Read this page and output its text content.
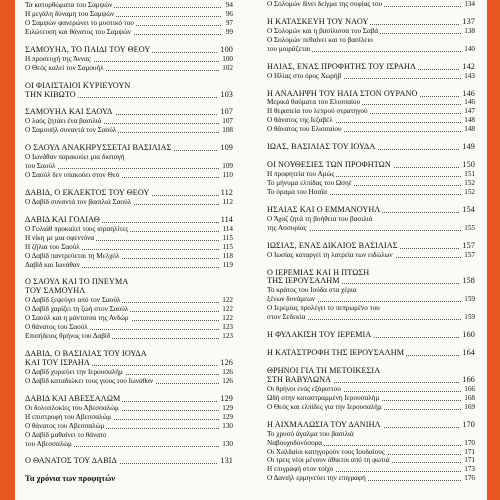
Τα κατορθώματα του Σαμψών	94
Η μεγάλη δύναμη του Σαμψών	96
Ο Σαμψών φανερώνει το μυστικό του	97
Ειλώτευση και θάνατος του Σαμψών	99
ΣΑΜΟΥΗΛ, ΤΟ ΠΑΙΔΙ ΤΟΥ ΘΕΟΥ	100
Η προσευχή της Άννας	100
Ο Θεός καλεί τον Σαμουήλ	102
ΟΙ ΦΙΛΙΣΤΑΙΟΙ ΚΥΡΙΕΥΟΥΝ
ΤΗΝ ΚΙΒΩΤΟ	103
ΣΑΜΟΥΗΛ ΚΑΙ ΣΑΟΥΛ	107
Ο λαός ζητάει ένα βασιλιά	107
Ο Σαμουήλ συναντά τον Σαούλ	108
Ο ΣΑΟΥΛ ΑΝΑΚΗΡΥΣΣΕΤΑΙ ΒΑΣΙΛΙΑΣ	109
Ο Ιωνάθαν παρακούει μια διαταγή
του Σαούλ	109
Ο Σαούλ δεν υπακούει στον Θεό	110
ΔΑΒΙΔ, Ο ΕΚΛΕΚΤΟΣ ΤΟΥ ΘΕΟΥ	112
Ο Δαβίδ συναντά τον βασιλιά Σαούλ	112
ΔΑΒΙΔ ΚΑΙ ΓΟΛΙΑΘ	114
Ο Γολιάθ προκαλεί τους ισραηλίτες	114
Η νίκη με μια σφεντόνα	115
Η ζήλια του Σαούλ	115
Ο Δαβίδ παντρεύεται τη Μελχόλ	118
Δαβίδ και Ιωνάθαν	119
Ο ΣΑΟΥΛ ΚΑΙ ΤΟ ΠΝΕΥΜΑ
ΤΟΥ ΣΑΜΟΥΗΛ
Ο Δαβίδ ξεφεύγει από τον Σαούλ	122
Ο Δαβίδ χαρίζει τη ζωή στον Σαούλ	122
Ο Σαούλ και η μάντισσα της Ανδώρ	122
Ο θάνατος του Σαούλ	123
Επισήδειος θρήνος του Δαβίδ	123
ΔΑΒΙΔ, Ο ΒΑΣΙΛΙΑΣ ΤΟΥ ΙΟΥΔΑ
ΚΑΙ ΤΟΥ ΙΣΡΑΗΛ	126
Ο Δαβίδ χυριεύει την Ιερουσαλήμ	126
Ο Δαβίδ καταδιώκει τους γιους του Ιωνάθαν	126
ΔΑΒΙΔ ΚΑΙ ΑΒΕΣΣΑΛΩΜ	129
Οι δολοπλοκίες του Αβεσσαλώμ	129
Η επιστροφή του Αβεσσαλώμ	129
Ο θάνατος του Αβεσσαλώμ	130
Ο Δαβίδ μαθαίνει το θάνατο
του Αβεσσαλώμ	130
Ο ΘΑΝΑΤΟΣ ΤΟΥ ΔΑΒΙΔ	131
Τα χρόνια των προφητών
Ο Σολομών δίνει δείγμα της σοφίας του	134
Η ΚΑΤΑΣΚΕΥΗ ΤΟΥ ΝΑΟΥ	137
Ο Σολομών και η βασίλισσα του Σαβά	138
Ο Σολομών πεθαίνει και το βασίλειο
του μοιράζεται	140
ΗΛΙΑΣ, ΕΝΑΣ ΠΡΟΦΗΤΗΣ ΤΟΥ ΙΣΡΑΗΛ	142
Ο Ηλίας στο όρος Χωρήβ	143
Η ΑΝΑΛΗΨΗ ΤΟΥ ΗΛΙΑ ΣΤΟΝ ΟΥΡΑΝΟ	146
Μερικά θαύματα του Ελισσαίου	146
Η θεραπεία του λεπρού στρατηγού	147
Ο θάνατος της Ιεζαβέλ	148
Ο θάνατος του Ελισσαίου	148
ΙΩΑΣ, ΒΑΣΙΛΙΑΣ ΤΟΥ ΙΟΥΔΑ	149
ΟΙ ΝΟΥΘΕΣΙΕΣ ΤΩΝ ΠΡΟΦΗΤΩΝ	150
Η προφητεία του Αμώς	151
Το μήνυμα ελπίδας του Ωσηέ	152
Το όραμα του Ησαΐα	152
ΗΣΑΙΑΣ ΚΑΙ Ο ΕΜΜΑΝΟΥΗΛ	154
Ο Άχαζ ζητά τη βοήθεια του βασιλιά
της Ασσυρίας	155
ΙΩΣΙΑΣ, ΕΝΑΣ ΔΙΚΑΙΟΣ ΒΑΣΙΛΙΑΣ	157
Ο Ιωσίας καταργεί τη λατρεία των ειδώλων	157
Ο ΙΕΡΕΜΙΑΣ ΚΑΙ Η ΠΤΩΣΗ
ΤΗΣ ΙΕΡΟΥΣΑΛΗΜ	158
Το κράτος του Ιούδα στα χέρια
ξένων δυνάμεων	159
Ο Ιερεμίας προλέγει το πεπρωμένο του
στον Σεδεκία	159
Η ΦΥΛΑΚΙΣΗ ΤΟΥ ΙΕΡΕΜΙΑ	160
Η ΚΑΤΑΣΤΡΟΦΗ ΤΗΣ ΙΕΡΟΥΣΑΛΗΜ	164
ΘΡΗΝΟΙ ΓΙΑ ΤΗ ΜΕΤΟΙΚΕΣΙΑ
ΣΤΗ ΒΑΒΥΛΩΝΑ	166
Οι θρήνοι ενός εξόριστου	166
Ωδή στην καταστραμμένη Ιερουσαλήμ	168
Ο Θεός και ελπίδες για την Ιερουσαλήμ	169
Η ΑΙΧΜΑΛΩΣΙΑ ΤΟΥ ΔΑΝΙΗΛ	170
Το χρυσό άγαλμα του βασιλιά
Ναβουχοδονόσορα	170
Οι Χαλδαίοι κατηγορούν τους Ιουδαίους	171
Οι τρεις νέοι μένουν άθικτοι από τη φωτιά	171
Η επιγραφή στον τοίχο	173
Ο Δανιήλ ερμηνεύει την επιγραφή	176
